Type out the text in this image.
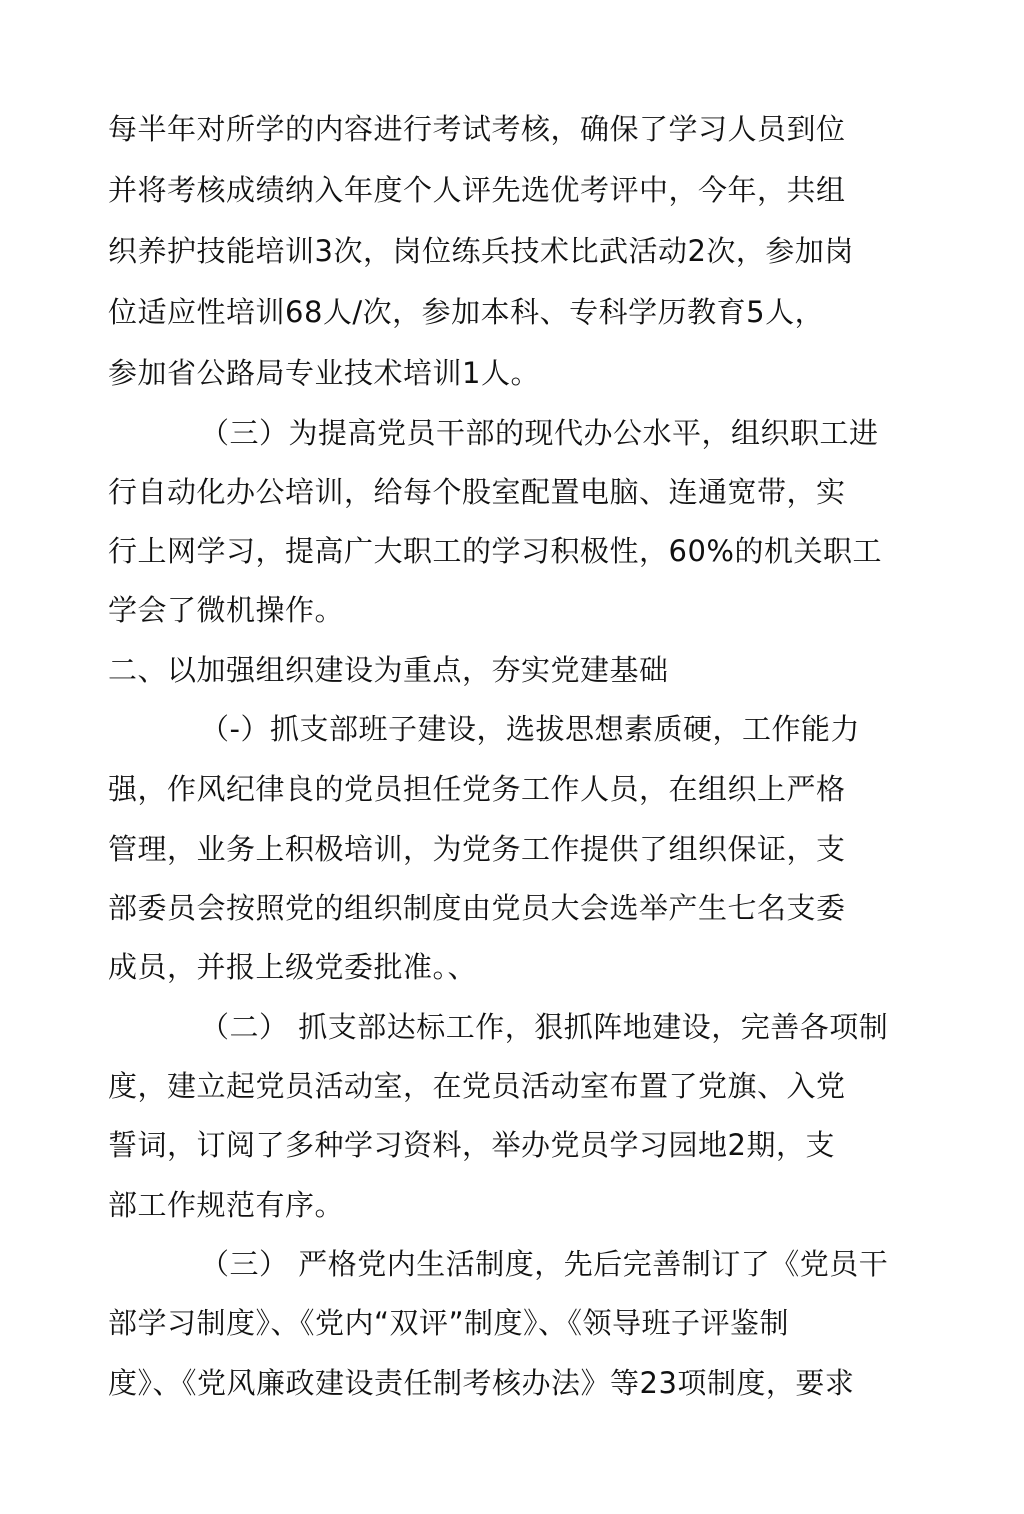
每半年对所学的内容进行考试考核，确保了学习人员到位
并将考核成绩纳入年度个人评先选优考评中，今年，共组
织养护技能培训3次，岗位练兵技术比武活动2次，参加岗
位适应性培训68人/次，参加本科、专科学历教育5人，
参加省公路局专业技术培训1人。
（三）为提高党员干部的现代办公水平，组织职工进
行自动化办公培训，给每个股室配置电脑、连通宽带，实
行上网学习，提高广大职工的学习积极性，60%的机关职工
学会了微机操作。
二、以加强组织建设为重点，夯实党建基础
（-）抓支部班子建设，选拔思想素质硬，工作能力
强，作风纪律良的党员担任党务工作人员，在组织上严格
管理，业务上积极培训，为党务工作提供了组织保证，支
部委员会按照党的组织制度由党员大会选举产生七名支委
成员，并报上级党委批准。、
（二） 抓支部达标工作，狠抓阵地建设，完善各项制
度，建立起党员活动室，在党员活动室布置了党旗、入党
誓词，订阅了多种学习资料，举办党员学习园地2期，支
部工作规范有序。
（三） 严格党内生活制度，先后完善制订了《党员干
部学习制度》、《党内“双评”制度》、《领导班子评鉴制
度》、《党风廉政建设责任制考核办法》等23项制度，要求
